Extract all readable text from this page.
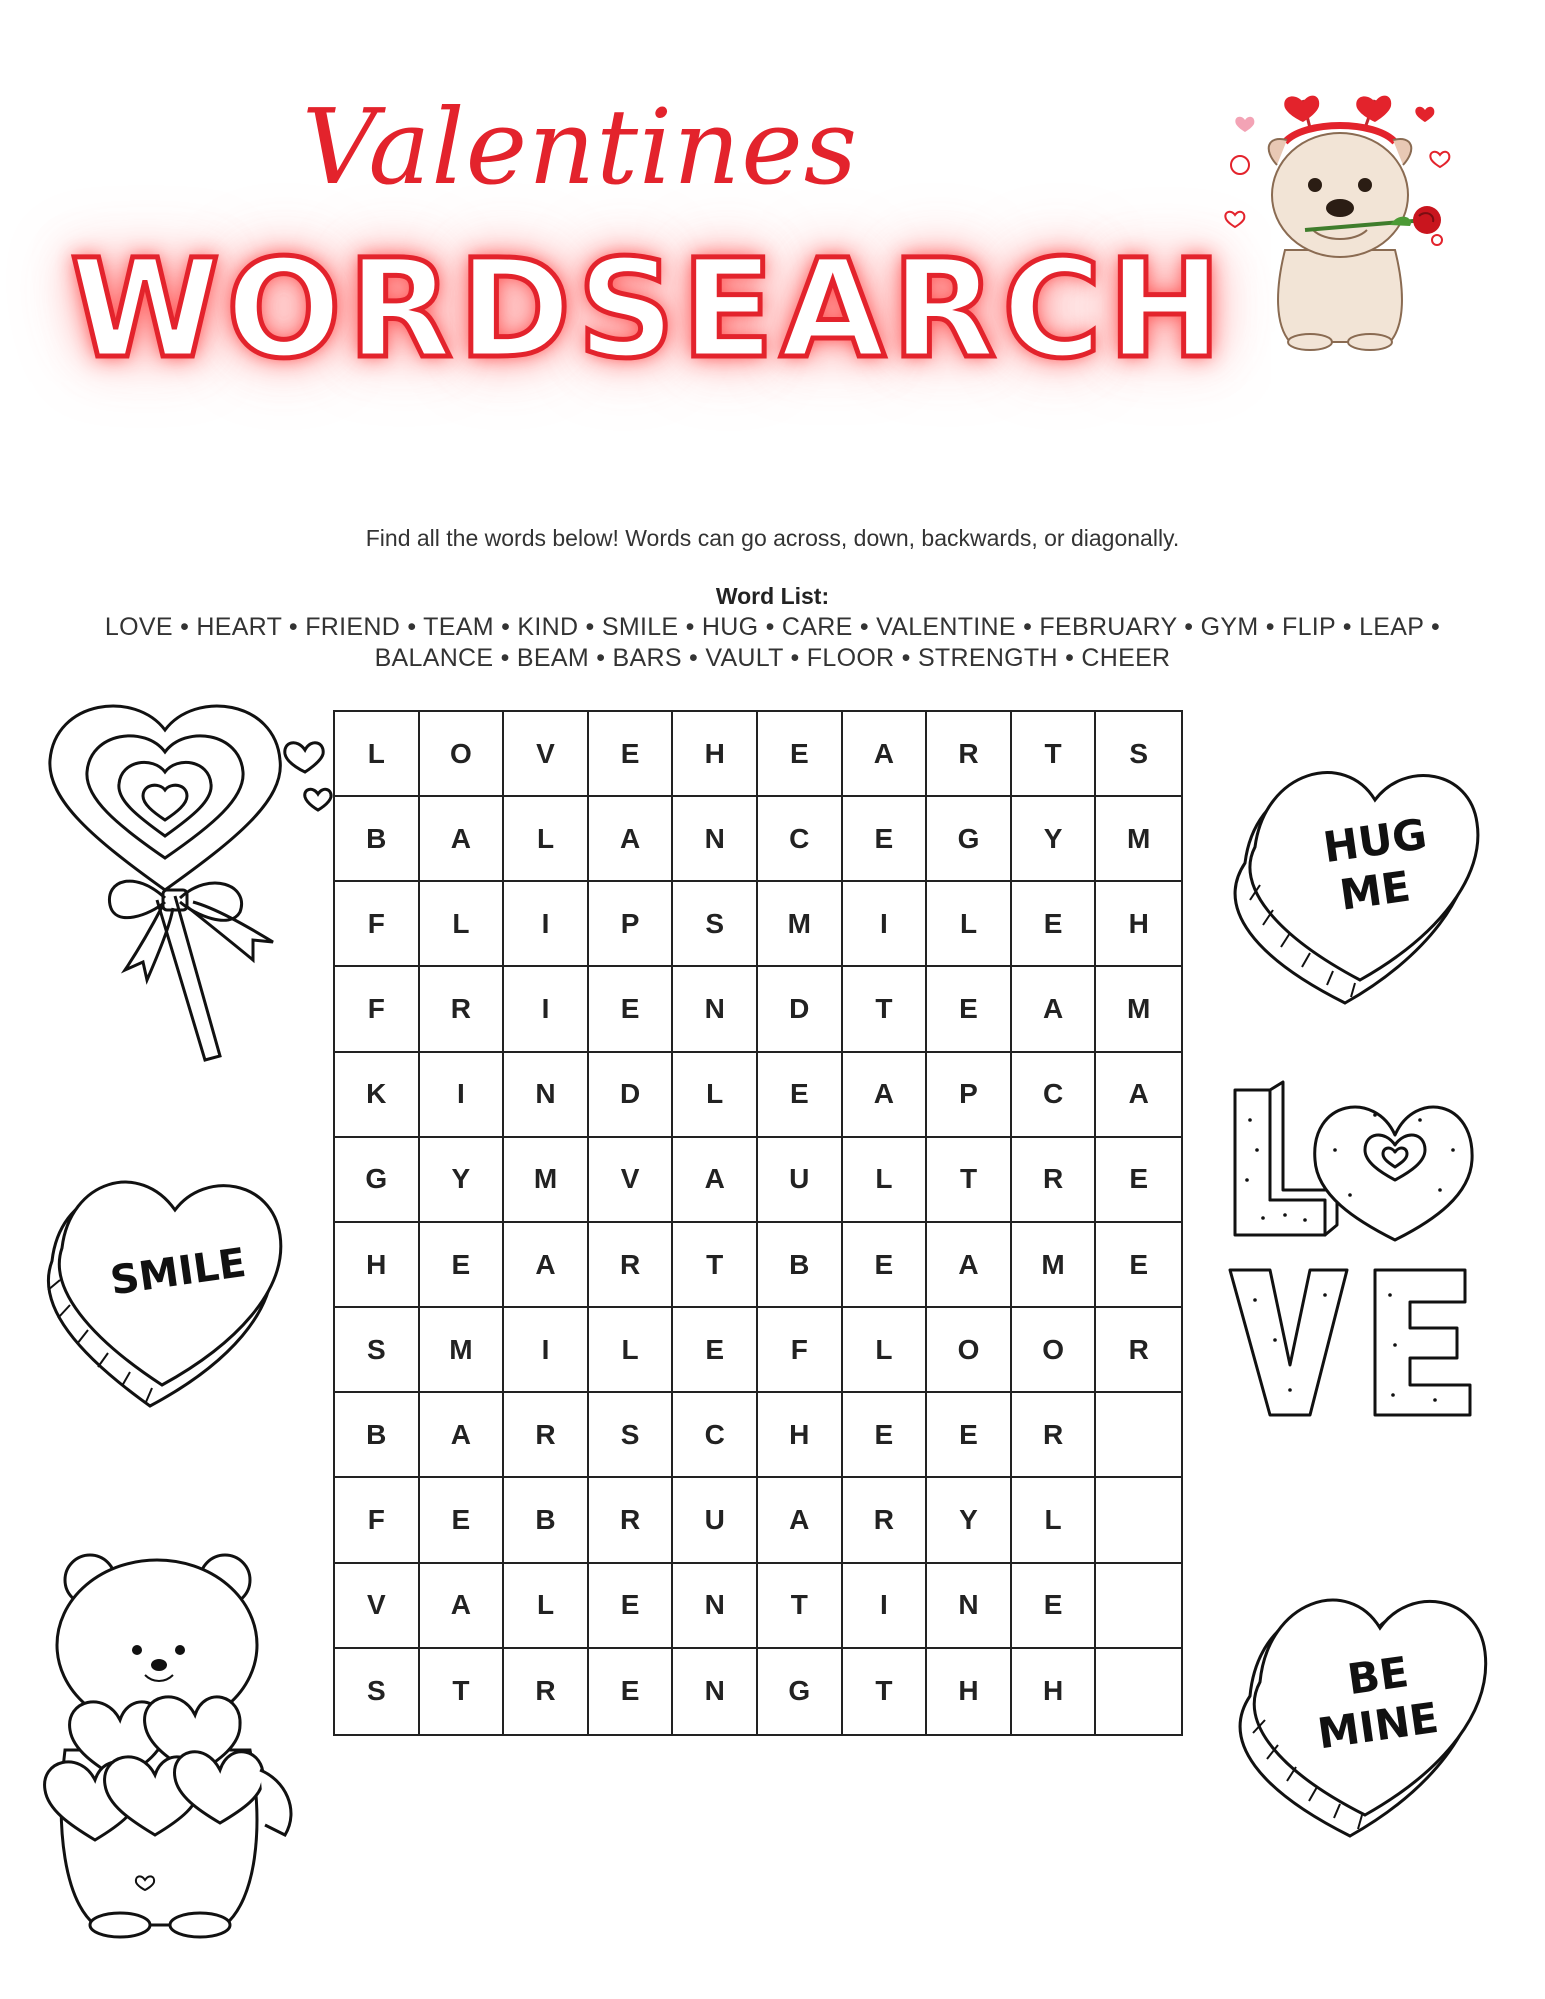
Valentines
WORDSEARCH
Find all the words below! Words can go across, down, backwards, or diagonally.
Word List:
LOVE • HEART • FRIEND • TEAM • KIND • SMILE • HUG • CARE • VALENTINE • FEBRUARY • GYM • FLIP • LEAP •
BALANCE • BEAM • BARS • VAULT • FLOOR • STRENGTH • CHEER
L	O	V	E	H	E	A	R	T	S
B	A	L	A	N	C	E	G	Y	M
F	L	I	P	S	M	I	L	E	H
F	R	I	E	N	D	T	E	A	M
K	I	N	D	L	E	A	P	C	A
G	Y	M	V	A	U	L	T	R	E
H	E	A	R	T	B	E	A	M	E
S	M	I	L	E	F	L	O	O	R
B	A	R	S	C	H	E	E	R
F	E	B	R	U	A	R	Y	L
V	A	L	E	N	T	I	N	E
S	T	R	E	N	G	T	H	H
HUG
ME
SMILE
BE
MINE
